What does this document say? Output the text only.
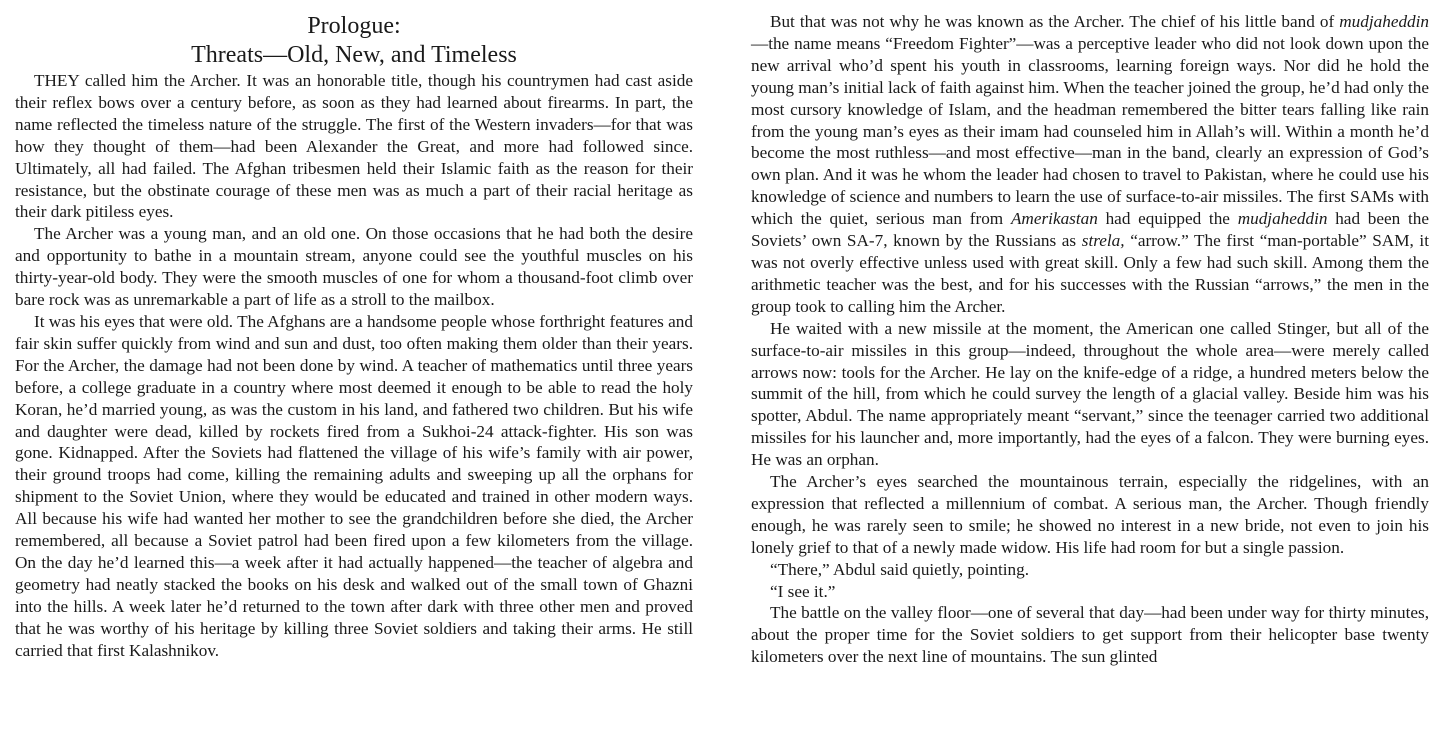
Prologue:
Threats—Old, New, and Timeless

THEY called him the Archer. It was an honorable title, though his countrymen had cast aside their reflex bows over a century before, as soon as they had learned about firearms. In part, the name reflected the timeless nature of the struggle. The first of the Western invaders—for that was how they thought of them—had been Alexander the Great, and more had followed since. Ultimately, all had failed. The Afghan tribesmen held their Islamic faith as the reason for their resistance, but the obstinate courage of these men was as much a part of their racial heritage as their dark pitiless eyes.

The Archer was a young man, and an old one. On those occasions that he had both the desire and opportunity to bathe in a mountain stream, anyone could see the youthful muscles on his thirty-year-old body. They were the smooth muscles of one for whom a thousand-foot climb over bare rock was as unremarkable a part of life as a stroll to the mailbox.

It was his eyes that were old. The Afghans are a handsome people whose forthright features and fair skin suffer quickly from wind and sun and dust, too often making them older than their years. For the Archer, the damage had not been done by wind. A teacher of mathematics until three years before, a college graduate in a country where most deemed it enough to be able to read the holy Koran, he’d married young, as was the custom in his land, and fathered two children. But his wife and daughter were dead, killed by rockets fired from a Sukhoi-24 attack-fighter. His son was gone. Kidnapped. After the Soviets had flattened the village of his wife’s family with air power, their ground troops had come, killing the remaining adults and sweeping up all the orphans for shipment to the Soviet Union, where they would be educated and trained in other modern ways. All because his wife had wanted her mother to see the grandchildren before she died, the Archer remembered, all because a Soviet patrol had been fired upon a few kilometers from the village. On the day he’d learned this—a week after it had actually happened—the teacher of algebra and geometry had neatly stacked the books on his desk and walked out of the small town of Ghazni into the hills. A week later he’d returned to the town after dark with three other men and proved that he was worthy of his heritage by killing three Soviet soldiers and taking their arms. He still carried that first Kalashnikov.

But that was not why he was known as the Archer. The chief of his little band of mudjaheddin—the name means “Freedom Fighter”—was a perceptive leader who did not look down upon the new arrival who’d spent his youth in classrooms, learning foreign ways. Nor did he hold the young man’s initial lack of faith against him. When the teacher joined the group, he’d had only the most cursory knowledge of Islam, and the headman remembered the bitter tears falling like rain from the young man’s eyes as their imam had counseled him in Allah’s will. Within a month he’d become the most ruthless—and most effective—man in the band, clearly an expression of God’s own plan. And it was he whom the leader had chosen to travel to Pakistan, where he could use his knowledge of science and numbers to learn the use of surface-to-air missiles. The first SAMs with which the quiet, serious man from Amerikastan had equipped the mudjaheddin had been the Soviets’ own SA-7, known by the Russians as strela, “arrow.” The first “man-portable” SAM, it was not overly effective unless used with great skill. Only a few had such skill. Among them the arithmetic teacher was the best, and for his successes with the Russian “arrows,” the men in the group took to calling him the Archer.

He waited with a new missile at the moment, the American one called Stinger, but all of the surface-to-air missiles in this group—indeed, throughout the whole area—were merely called arrows now: tools for the Archer. He lay on the knife-edge of a ridge, a hundred meters below the summit of the hill, from which he could survey the length of a glacial valley. Beside him was his spotter, Abdul. The name appropriately meant “servant,” since the teenager carried two additional missiles for his launcher and, more importantly, had the eyes of a falcon. They were burning eyes. He was an orphan.

The Archer’s eyes searched the mountainous terrain, especially the ridgelines, with an expression that reflected a millennium of combat. A serious man, the Archer. Though friendly enough, he was rarely seen to smile; he showed no interest in a new bride, not even to join his lonely grief to that of a newly made widow. His life had room for but a single passion.

“There,” Abdul said quietly, pointing.

“I see it.”

The battle on the valley floor—one of several that day—had been under way for thirty minutes, about the proper time for the Soviet soldiers to get support from their helicopter base twenty kilometers over the next line of mountains. The sun glinted
